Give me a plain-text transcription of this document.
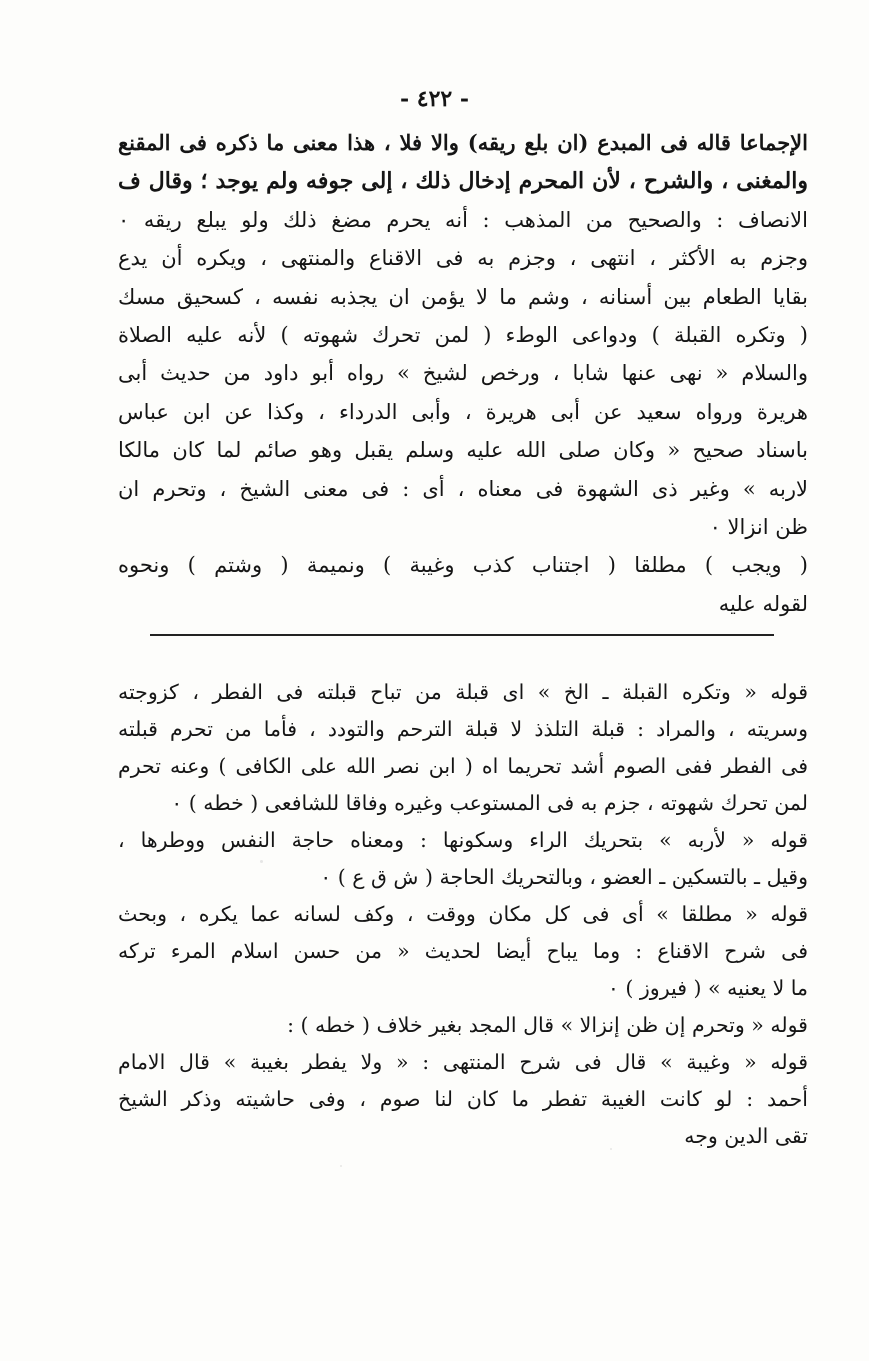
- ٤٢٢ -
الإجماعا قاله فى المبدع (ان بلع ريقه) والا فلا ، هذا معنى ما ذكره فى المقنع
والمغنى ، والشرح ، لأن المحرم إدخال ذلك ، إلى جوفه ولم يوجد ؛ وقال ف
الانصاف : والصحيح من المذهب : أنه يحرم مضغ ذلك ولو يبلع ريقه ٠
وجزم به الأكثر ، انتهى ، وجزم به فى الاقناع والمنتهى ، ويكره أن يدع
بقايا الطعام بين أسنانه ، وشم ما لا يؤمن ان يجذبه نفسه ، كسحيق مسك
( وتكره القبلة ) ودواعى الوطء ( لمن تحرك شهوته ) لأنه عليه الصلاة
والسلام « نهى عنها شابا ، ورخص لشيخ » رواه أبو داود من حديث أبى
هريرة ورواه سعيد عن أبى هريرة ، وأبى الدرداء ، وكذا عن ابن عباس
باسناد صحيح « وكان صلى الله عليه وسلم يقبل وهو صائم لما كان مالكا
لاربه » وغير ذى الشهوة فى معناه ، أى : فى معنى الشيخ ، وتحرم ان
ظن انزالا ٠
( ويجب ) مطلقا ( اجتناب كذب وغيبة ) ونميمة ( وشتم ) ونحوه
لقوله عليه
قوله « وتكره القبلة ـ الخ » اى قبلة من تباح قبلته فى الفطر ، كزوجته
وسريته ، والمراد : قبلة التلذذ لا قبلة الترحم والتودد ، فأما من تحرم قبلته
فى الفطر ففى الصوم أشد تحريما اه ( ابن نصر الله على الكافى ) وعنه تحرم
لمن تحرك شهوته ، جزم به فى المستوعب وغيره وفاقا للشافعى ( خطه ) ٠
قوله « لأربه » بتحريك الراء وسكونها : ومعناه حاجة النفس ووطرها ،
وقيل ـ بالتسكين ـ العضو ، وبالتحريك الحاجة ( ش ق ع ) ٠
قوله « مطلقا » أى فى كل مكان ووقت ، وكف لسانه عما يكره ، وبحث
فى شرح الاقناع : وما يباح أيضا لحديث « من حسن اسلام المرء تركه
ما لا يعنيه » ( فيروز ) ٠
قوله « وتحرم إن ظن إنزالا » قال المجد بغير خلاف ( خطه ) :
قوله « وغيبة » قال فى شرح المنتهى : « ولا يفطر بغيبة » قال الامام
أحمد : لو كانت الغيبة تفطر ما كان لنا صوم ، وفى حاشيته وذكر الشيخ
تقى الدين وجه
